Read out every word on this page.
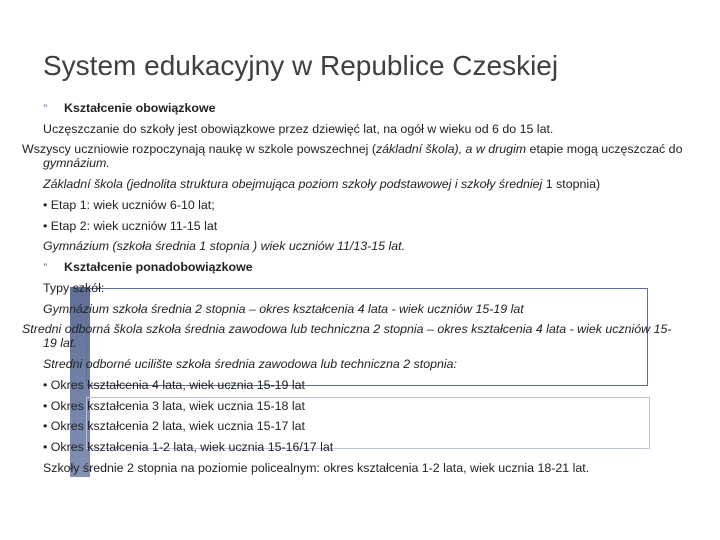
System edukacyjny w Republice Czeskiej
”	Kształcenie obowiązkowe
Uczęszczanie do szkoły jest obowiązkowe przez dziewięć lat, na ogół w wieku od 6 do 15 lat.
Wszyscy uczniowie rozpoczynają naukę w szkole powszechnej (základní škola), a w drugim etapie mogą uczęszczać do gymnázium.
Základní škola (jednolita struktura obejmująca poziom szkoły podstawowej i szkoły średniej 1 stopnia)
• Etap 1: wiek uczniów 6-10 lat;
• Etap 2: wiek uczniów 11-15 lat
Gymnázium (szkoła średnia 1 stopnia ) wiek uczniów 11/13-15 lat.
”	Kształcenie ponadobowiązkowe
Typy szkół:
Gymnázium szkoła średnia 2 stopnia – okres kształcenia 4 lata - wiek uczniów 15-19 lat
Stredni odborná škola szkoła średnia zawodowa lub techniczna 2 stopnia – okres kształcenia 4 lata - wiek uczniów 15-19 lat.
Stredni odborné ucilište szkoła średnia zawodowa lub techniczna 2 stopnia:
• Okres kształcenia 4 lata, wiek ucznia 15-19 lat
• Okres kształcenia 3 lata, wiek ucznia 15-18 lat
• Okres kształcenia 2 lata, wiek ucznia 15-17 lat
• Okres kształcenia 1-2 lata, wiek ucznia 15-16/17 lat
Szkoły średnie 2 stopnia na poziomie policealnym: okres kształcenia 1-2 lata, wiek ucznia 18-21 lat.
